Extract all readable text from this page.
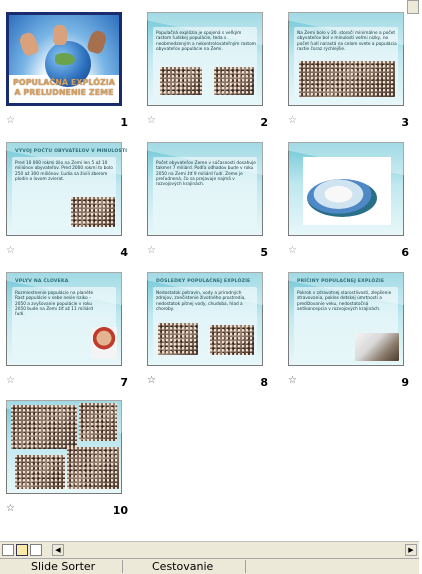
POPULAČNÁ EXPLÓZIA A PRELUDNENIE ZEME
1
Populačná explózia je spojená s veľkým rastom ľudskej populácie, teda s neobmedzeným a nekontrolovateľným rastom obyvateľov populácie na Zemi.
2
Na Zemi bolo v 20. storočí minimálne a počet obyvateľov bol v minulosti veľmi nízky, no počet ľudí narastá na celom svete a populácia rastie čoraz rýchlejšie.
3
VÝVOJ POČTU OBYVATEĽOV V MINULOSTI
Pred 10 000 rokmi žilo na Zemi len 5 až 10 miliónov obyvateľov. Pred 2000 rokmi to bolo 250 až 300 miliónov. Ľudia sa živili zberom plodín a lovom zvierat.
4
Počet obyvateľov Zeme v súčasnosti dosahuje takmer 7 miliárd. Podľa odhadov bude v roku 2050 na Zemi žiť 9 miliárd ľudí. Zeme je preľudnená, čo sa prejavuje najmä v rozvojových krajinách.
5	6
VPLYV NA ČLOVEKA
Rozmiestnenie populácie na planéte Rast populácie v sebe nesie riziko – 2050 a zvyšovanie populácie v roku 2050 bude na Zemi žiť až 11 miliárd ľudí.
7
DÔSLEDKY POPULAČNEJ EXPLÓZIE
Nedostatok potravín, vody a prírodných zdrojov, znečistenie životného prostredia, nedostatok pitnej vody, chudoba, hlad a choroby.
☆	8
PRÍČINY POPULAČNEJ EXPLÓZIE
Pokrok v zdravotnej starostlivosti, zlepšenie stravovania, pokles detskej úmrtnosti a predlžovanie veku, nedostatočná antikoncepcia v rozvojových krajinách.
☆	9
☆	10
◀	▶
Slide Sorter	Cestovanie
